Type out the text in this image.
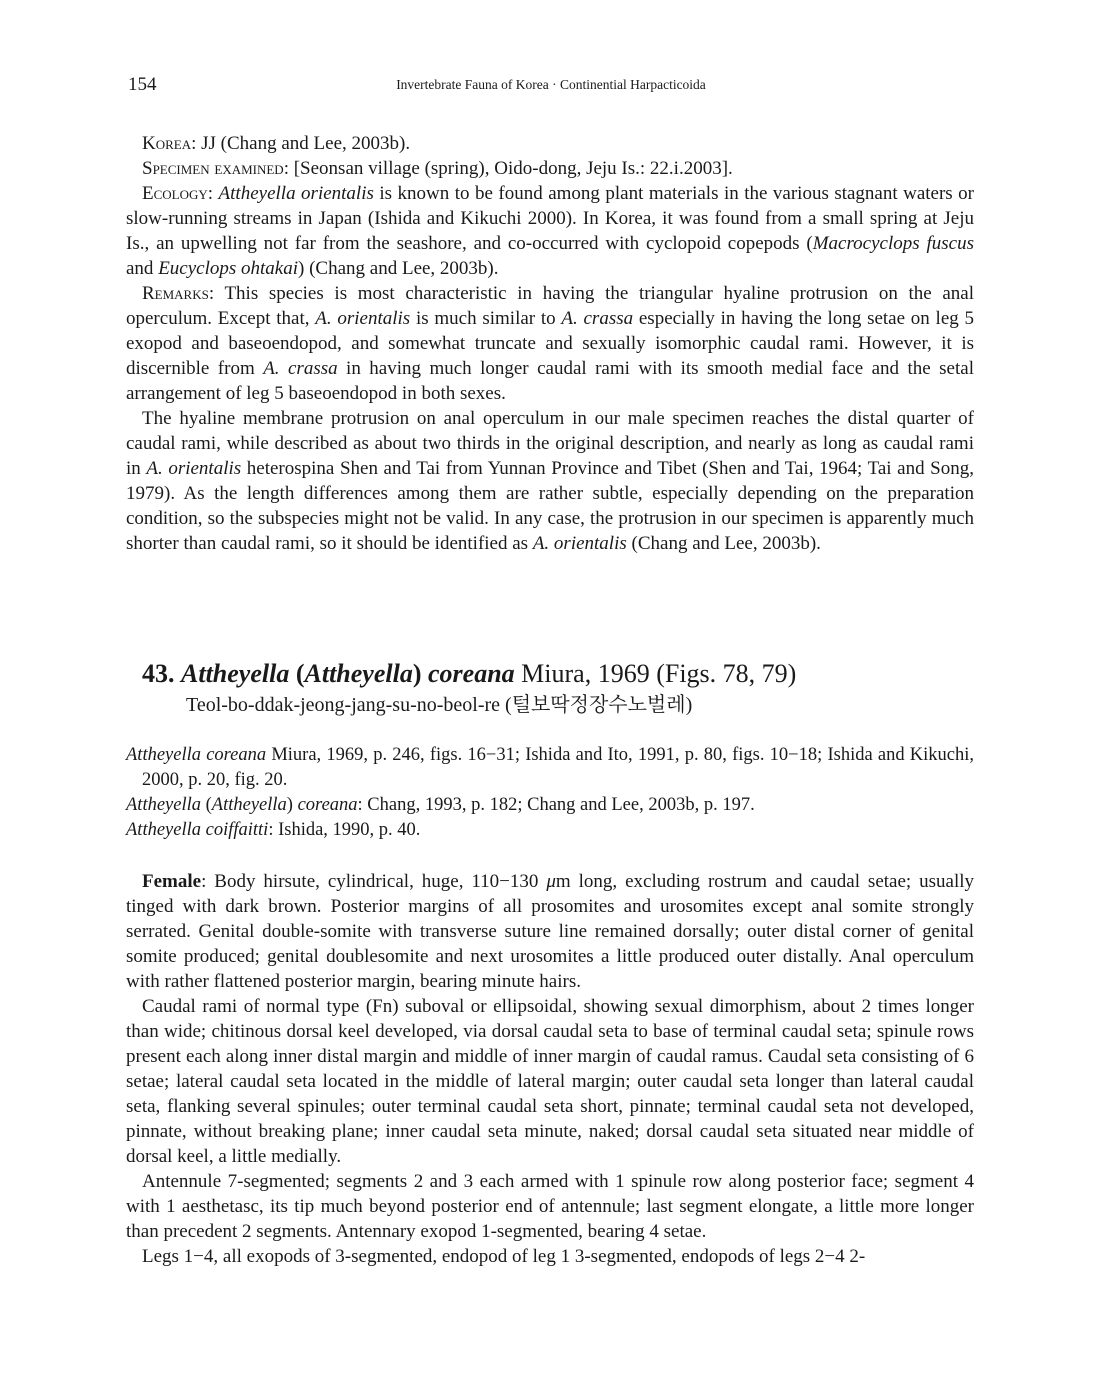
154	Invertebrate Fauna of Korea · Continential Harpacticoida

Korea: JJ (Chang and Lee, 2003b).

Specimen examined: [Seonsan village (spring), Oido-dong, Jeju Is.: 22.i.2003].

Ecology: Attheyella orientalis is known to be found among plant materials in the various stagnant waters or slow-running streams in Japan (Ishida and Kikuchi 2000). In Korea, it was found from a small spring at Jeju Is., an upwelling not far from the seashore, and co-occurred with cyclopoid copepods (Macrocyclops fuscus and Eucyclops ohtakai) (Chang and Lee, 2003b).

Remarks: This species is most characteristic in having the triangular hyaline protrusion on the anal operculum. Except that, A. orientalis is much similar to A. crassa especially in having the long setae on leg 5 exopod and baseoendopod, and somewhat truncate and sexually isomorphic caudal rami. However, it is discernible from A. crassa in having much longer caudal rami with its smooth medial face and the setal arrangement of leg 5 baseoendopod in both sexes.

The hyaline membrane protrusion on anal operculum in our male specimen reaches the distal quarter of caudal rami, while described as about two thirds in the original description, and nearly as long as caudal rami in A. orientalis heterospina Shen and Tai from Yunnan Province and Tibet (Shen and Tai, 1964; Tai and Song, 1979). As the length differences among them are rather subtle, especially depending on the preparation condition, so the subspecies might not be valid. In any case, the protrusion in our specimen is apparently much shorter than caudal rami, so it should be identified as A. orientalis (Chang and Lee, 2003b).

43. Attheyella (Attheyella) coreana Miura, 1969 (Figs. 78, 79)
Teol-bo-ddak-jeong-jang-su-no-beol-re (털보딱정장수노벌레)

Attheyella coreana Miura, 1969, p. 246, figs. 16−31; Ishida and Ito, 1991, p. 80, figs. 10−18; Ishida and Kikuchi, 2000, p. 20, fig. 20.

Attheyella (Attheyella) coreana: Chang, 1993, p. 182; Chang and Lee, 2003b, p. 197.

Attheyella coiffaitti: Ishida, 1990, p. 40.

Female: Body hirsute, cylindrical, huge, 110−130 μm long, excluding rostrum and caudal setae; usually tinged with dark brown. Posterior margins of all prosomites and urosomites except anal somite strongly serrated. Genital double-somite with transverse suture line remained dorsally; outer distal corner of genital somite produced; genital doublesomite and next urosomites a little produced outer distally. Anal operculum with rather flattened posterior margin, bearing minute hairs.

Caudal rami of normal type (Fn) suboval or ellipsoidal, showing sexual dimorphism, about 2 times longer than wide; chitinous dorsal keel developed, via dorsal caudal seta to base of terminal caudal seta; spinule rows present each along inner distal margin and middle of inner margin of caudal ramus. Caudal seta consisting of 6 setae; lateral caudal seta located in the middle of lateral margin; outer caudal seta longer than lateral caudal seta, flanking several spinules; outer terminal caudal seta short, pinnate; terminal caudal seta not developed, pinnate, without breaking plane; inner caudal seta minute, naked; dorsal caudal seta situated near middle of dorsal keel, a little medially.

Antennule 7-segmented; segments 2 and 3 each armed with 1 spinule row along posterior face; segment 4 with 1 aesthetasc, its tip much beyond posterior end of antennule; last segment elongate, a little more longer than precedent 2 segments. Antennary exopod 1-segmented, bearing 4 setae.

Legs 1−4, all exopods of 3-segmented, endopod of leg 1 3-segmented, endopods of legs 2−4 2-
